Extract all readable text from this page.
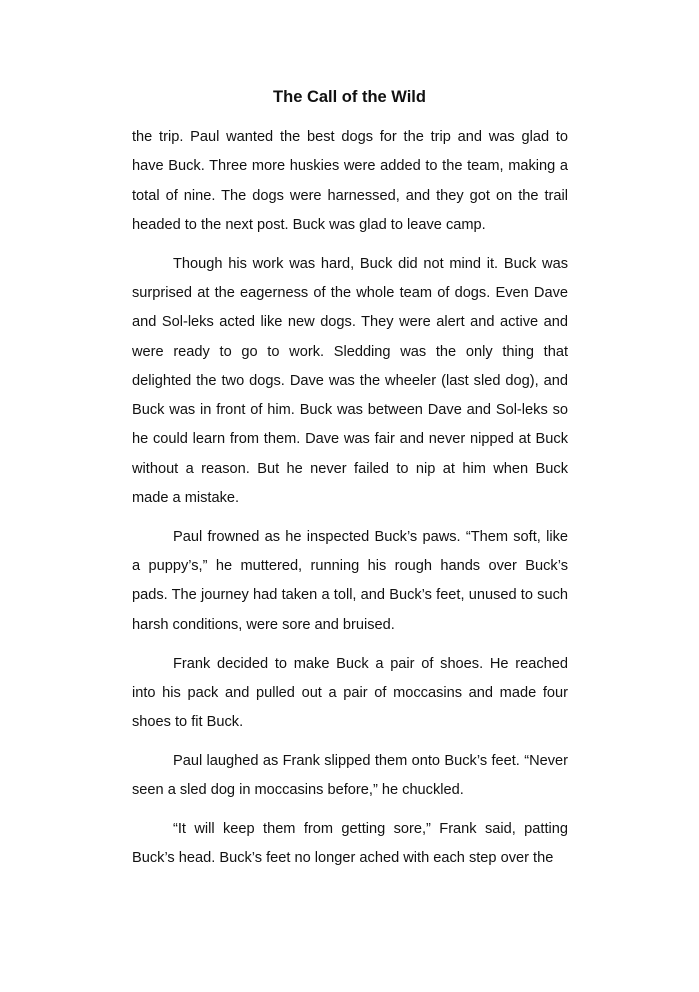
The Call of the Wild

the trip. Paul wanted the best dogs for the trip and was glad to have Buck. Three more huskies were added to the team, making a total of nine. The dogs were harnessed, and they got on the trail headed to the next post. Buck was glad to leave camp.

Though his work was hard, Buck did not mind it. Buck was surprised at the eagerness of the whole team of dogs. Even Dave and Sol-leks acted like new dogs. They were alert and active and were ready to go to work. Sledding was the only thing that delighted the two dogs. Dave was the wheeler (last sled dog), and Buck was in front of him. Buck was between Dave and Sol-leks so he could learn from them. Dave was fair and never nipped at Buck without a reason. But he never failed to nip at him when Buck made a mistake.

Paul frowned as he inspected Buck’s paws. “Them soft, like a puppy’s,” he muttered, running his rough hands over Buck’s pads. The journey had taken a toll, and Buck’s feet, unused to such harsh conditions, were sore and bruised.

Frank decided to make Buck a pair of shoes. He reached into his pack and pulled out a pair of moccasins and made four shoes to fit Buck.

Paul laughed as Frank slipped them onto Buck’s feet. “Never seen a sled dog in moccasins before,” he chuckled.

“It will keep them from getting sore,” Frank said, patting Buck’s head. Buck’s feet no longer ached with each step over the
